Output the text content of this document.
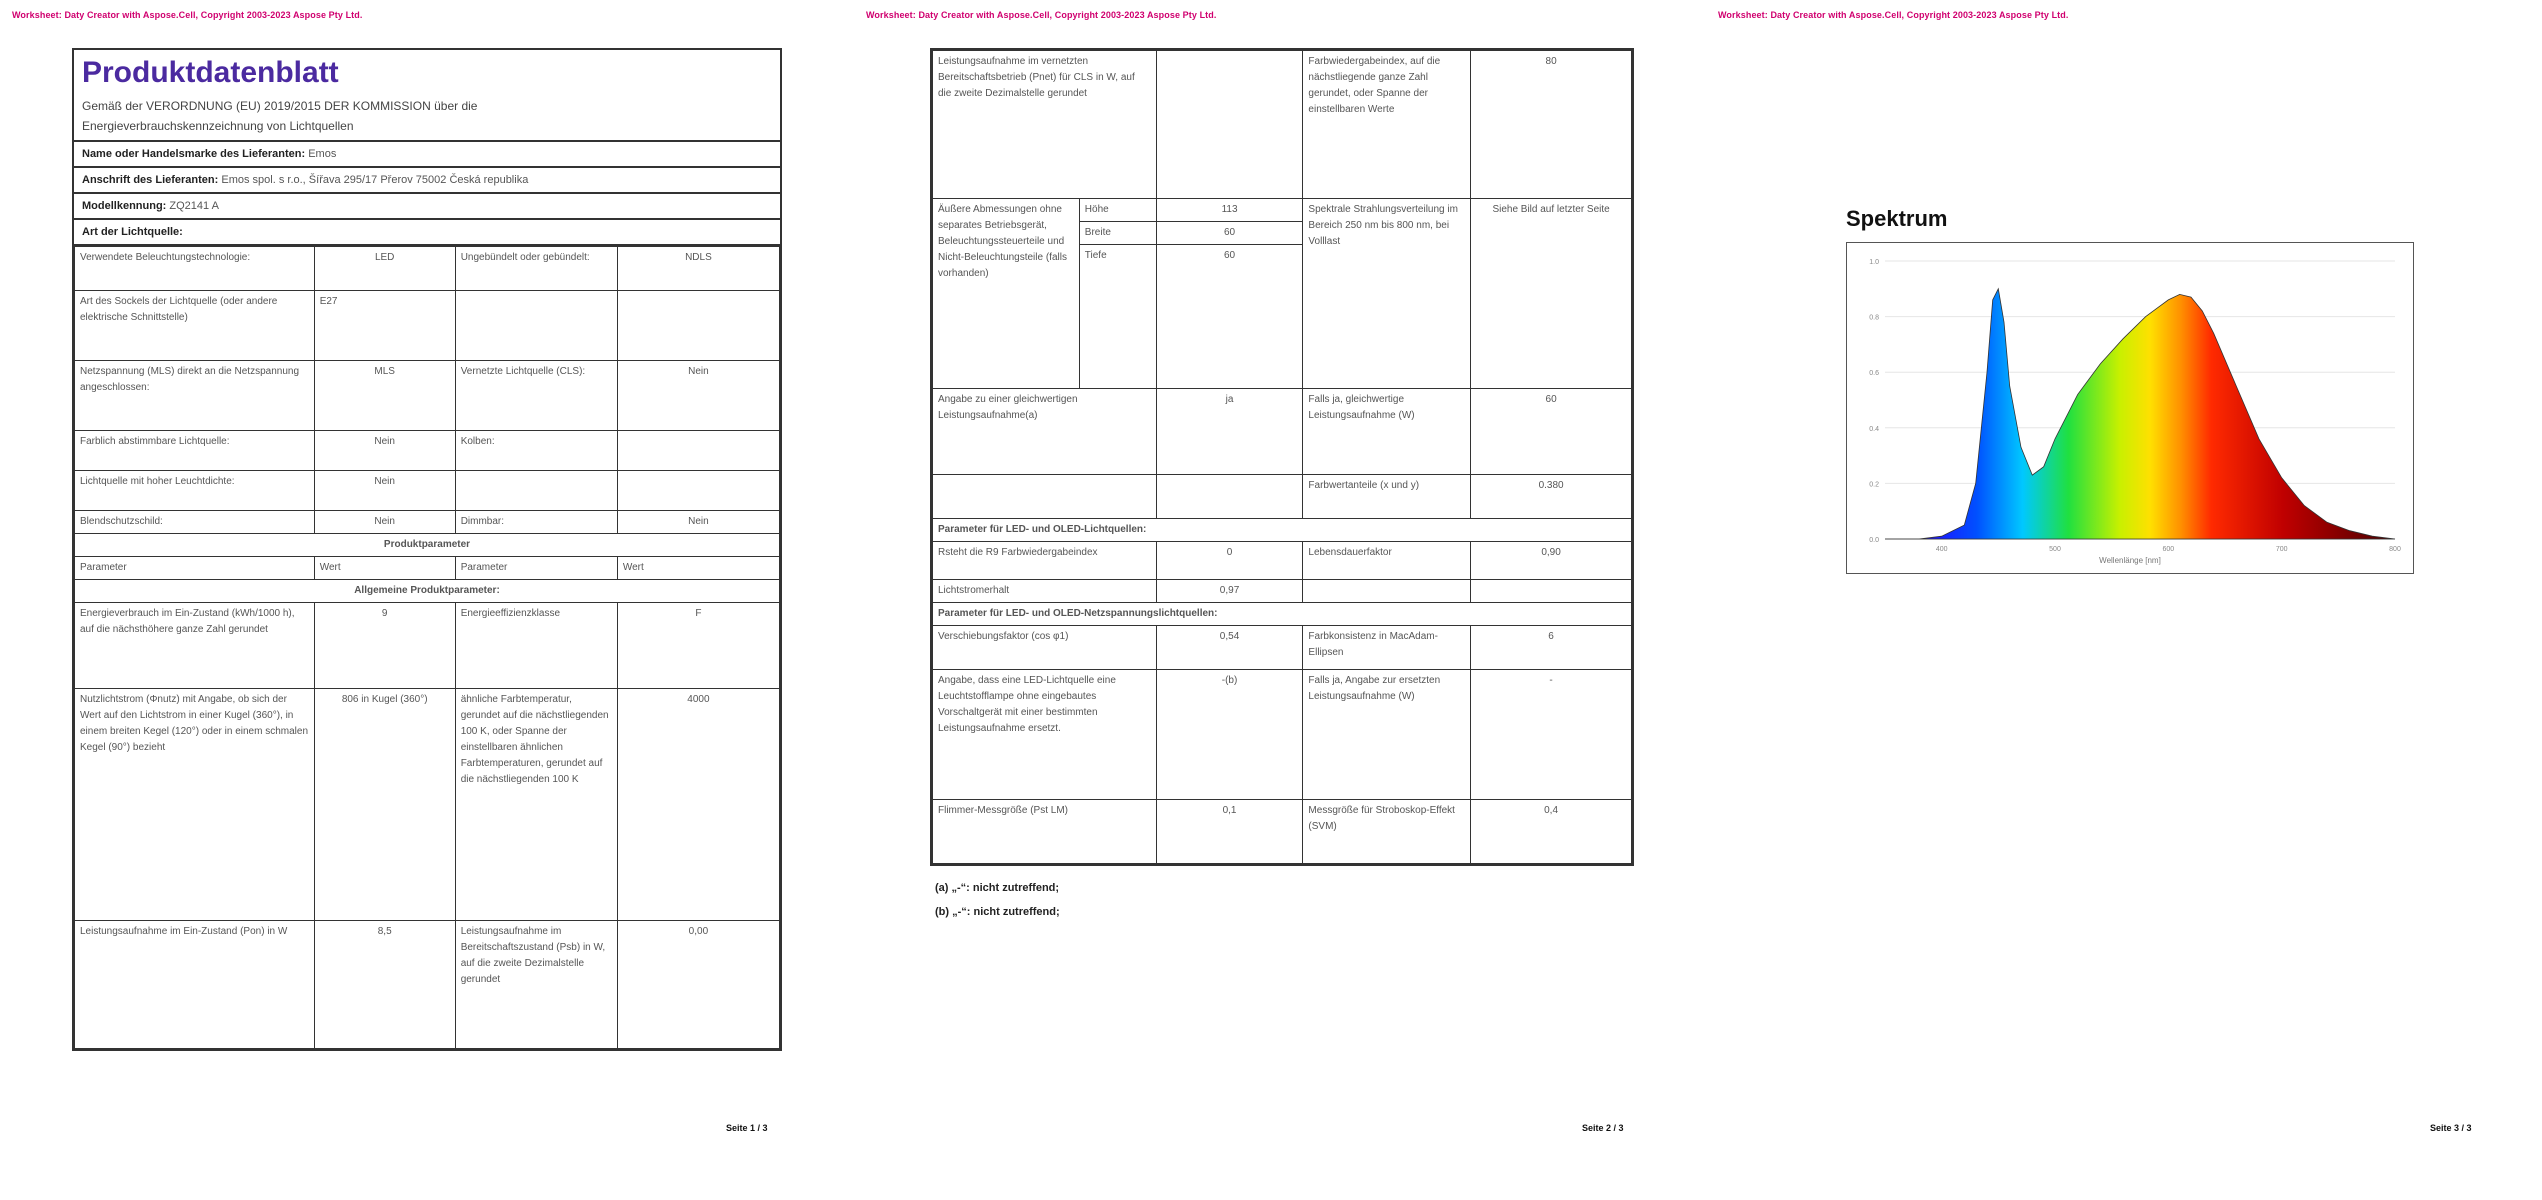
Worksheet: Daty Creator with Aspose.Cell, Copyright 2003-2023 Aspose Pty Ltd.
Produktdatenblatt
Gemäß der VERORDNUNG (EU) 2019/2015 DER KOMMISSION über die
Energieverbrauchskennzeichnung von Lichtquellen
Name oder Handelsmarke des Lieferanten: Emos
Anschrift des Lieferanten: Emos spol. s r.o., Šířava 295/17 Přerov 75002 Česká republika
Modellkennung: ZQ2141 A
Art der Lichtquelle:
Verwendete Beleuchtungstechnologie:	LED	Ungebündelt oder gebündelt:	NDLS
Art des Sockels der Lichtquelle (oder andere elektrische Schnittstelle)	E27		
Netzspannung (MLS) direkt an die Netzspannung angeschlossen:	MLS	Vernetzte Lichtquelle (CLS):	Nein
Farblich abstimmbare Lichtquelle:	Nein	Kolben:	
Lichtquelle mit hoher Leuchtdichte:	Nein		
Blendschutzschild:	Nein	Dimmbar:	Nein
Produktparameter			
Parameter	Wert	Parameter	Wert
Allgemeine Produktparameter:			
Energieverbrauch im Ein-Zustand (kWh/1000 h), auf die nächsthöhere ganze Zahl gerundet	9	Energieeffizienzklasse	F
Nutzlichtstrom (Φnutz) mit Angabe, ob sich der Wert auf den Lichtstrom in einer Kugel (360°), in einem breiten Kegel (120°) oder in einem schmalen Kegel (90°) bezieht	806 in Kugel (360°)	ähnliche Farbtemperatur, gerundet auf die nächstliegenden 100 K, oder Spanne der einstellbaren ähnlichen Farbtemperaturen, gerundet auf die nächstliegenden 100 K	4000
Leistungsaufnahme im Ein-Zustand (Pon) in W	8,5	Leistungsaufnahme im Bereitschaftszustand (Psb) in W, auf die zweite Dezimalstelle gerundet	0,00
Seite 1 / 3
Worksheet: Daty Creator with Aspose.Cell, Copyright 2003-2023 Aspose Pty Ltd.
Seite 2 / 3
Leistungsaufnahme im vernetzten Bereitschaftsbetrieb (Pnet) für CLS in W, auf die zweite Dezimalstelle gerundet			Farbwiedergabeindex, auf die nächstliegende ganze Zahl gerundet, oder Spanne der einstellbaren Werte	80
Äußere Abmessungen ohne separates Betriebsgerät, Beleuchtungssteuerteile und Nicht-Beleuchtungsteile (falls vorhanden)	Höhe	113	Spektrale Strahlungsverteilung im Bereich 250 nm bis 800 nm, bei Volllast	Siehe Bild auf letzter Seite
	Breite	60		
	Tiefe	60		
Angabe zu einer gleichwertigen Leistungsaufnahme(a)		ja	Falls ja, gleichwertige Leistungsaufnahme (W)	60
			Farbwertanteile (x und y)	0.380
Parameter für LED- und OLED-Lichtquellen:				
Rsteht die R9 Farbwiedergabeindex		0	Lebensdauerfaktor	0,90
Lichtstromerhalt		0,97		
Parameter für LED- und OLED-Netzspannungslichtquellen:				
Verschiebungsfaktor (cos φ1)		0,54	Farbkonsistenz in MacAdam-Ellipsen	6
Angabe, dass eine LED-Lichtquelle eine Leuchtstofflampe ohne eingebautes Vorschaltgerät mit einer bestimmten Leistungsaufnahme ersetzt.		-(b)	Falls ja, Angabe zur ersetzten Leistungsaufnahme (W)	-
Flimmer-Messgröße (Pst LM)		0,1	Messgröße für Stroboskop-Effekt (SVM)	0,4
(a) „-“: nicht zutreffend;
(b) „-“: nicht zutreffend;
Worksheet: Daty Creator with Aspose.Cell, Copyright 2003-2023 Aspose Pty Ltd.
Seite 3 / 3
Spektrum
0.0
0.2
0.4
0.6
0.8
1.0
400	500	600	700	800
Wellenlänge [nm]
